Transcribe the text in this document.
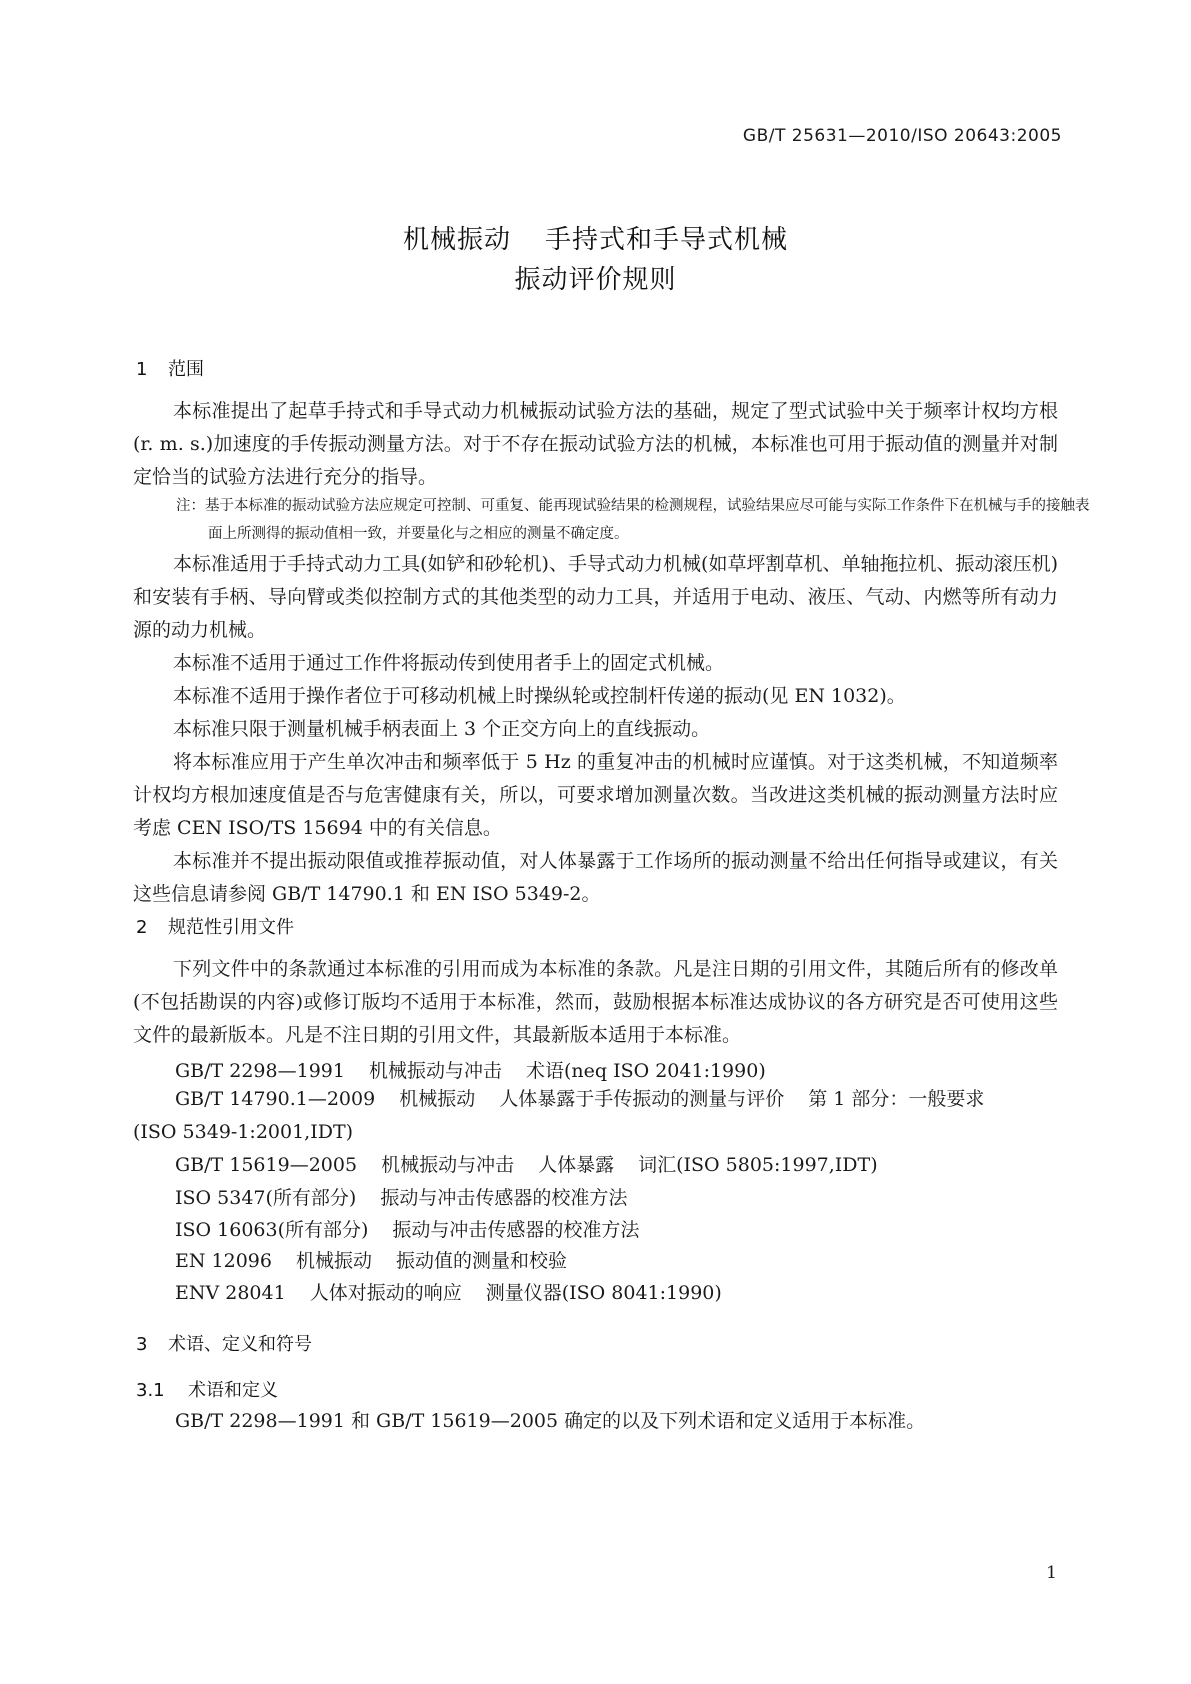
GB/T 25631—2010/ISO 20643:2005
机械振动 手持式和手导式机械
振动评价规则
1 范围

本标准提出了起草手持式和手导式动力机械振动试验方法的基础，规定了型式试验中关于频率计权均方根(r. m. s.)加速度的手传振动测量方法。对于不存在振动试验方法的机械，本标准也可用于振动值的测量并对制定恰当的试验方法进行充分的指导。

注：基于本标准的振动试验方法应规定可控制、可重复、能再现试验结果的检测规程，试验结果应尽可能与实际工作条件下在机械与手的接触表面上所测得的振动值相一致，并要量化与之相应的测量不确定度。

本标准适用于手持式动力工具(如铲和砂轮机)、手导式动力机械(如草坪割草机、单轴拖拉机、振动滚压机)和安装有手柄、导向臂或类似控制方式的其他类型的动力工具，并适用于电动、液压、气动、内燃等所有动力源的动力机械。

本标准不适用于通过工作件将振动传到使用者手上的固定式机械。

本标准不适用于操作者位于可移动机械上时操纵轮或控制杆传递的振动(见 EN 1032)。

本标准只限于测量机械手柄表面上 3 个正交方向上的直线振动。

将本标准应用于产生单次冲击和频率低于 5 Hz 的重复冲击的机械时应谨慎。对于这类机械，不知道频率计权均方根加速度值是否与危害健康有关，所以，可要求增加测量次数。当改进这类机械的振动测量方法时应考虑 CEN ISO/TS 15694 中的有关信息。

本标准并不提出振动限值或推荐振动值，对人体暴露于工作场所的振动测量不给出任何指导或建议，有关这些信息请参阅 GB/T 14790.1 和 EN ISO 5349-2。

2 规范性引用文件

下列文件中的条款通过本标准的引用而成为本标准的条款。凡是注日期的引用文件，其随后所有的修改单(不包括勘误的内容)或修订版均不适用于本标准，然而，鼓励根据本标准达成协议的各方研究是否可使用这些文件的最新版本。凡是不注日期的引用文件，其最新版本适用于本标准。

GB/T 2298—1991 机械振动与冲击 术语(neq ISO 2041:1990)

GB/T 14790.1—2009 机械振动 人体暴露于手传振动的测量与评价 第 1 部分：一般要求
(ISO 5349-1:2001,IDT)

GB/T 15619—2005 机械振动与冲击 人体暴露 词汇(ISO 5805:1997,IDT)
ISO 5347(所有部分) 振动与冲击传感器的校准方法
ISO 16063(所有部分) 振动与冲击传感器的校准方法
EN 12096 机械振动 振动值的测量和校验
ENV 28041 人体对振动的响应 测量仪器(ISO 8041:1990)
3 术语、定义和符号
3.1 术语和定义
GB/T 2298—1991 和 GB/T 15619—2005 确定的以及下列术语和定义适用于本标准。
1
